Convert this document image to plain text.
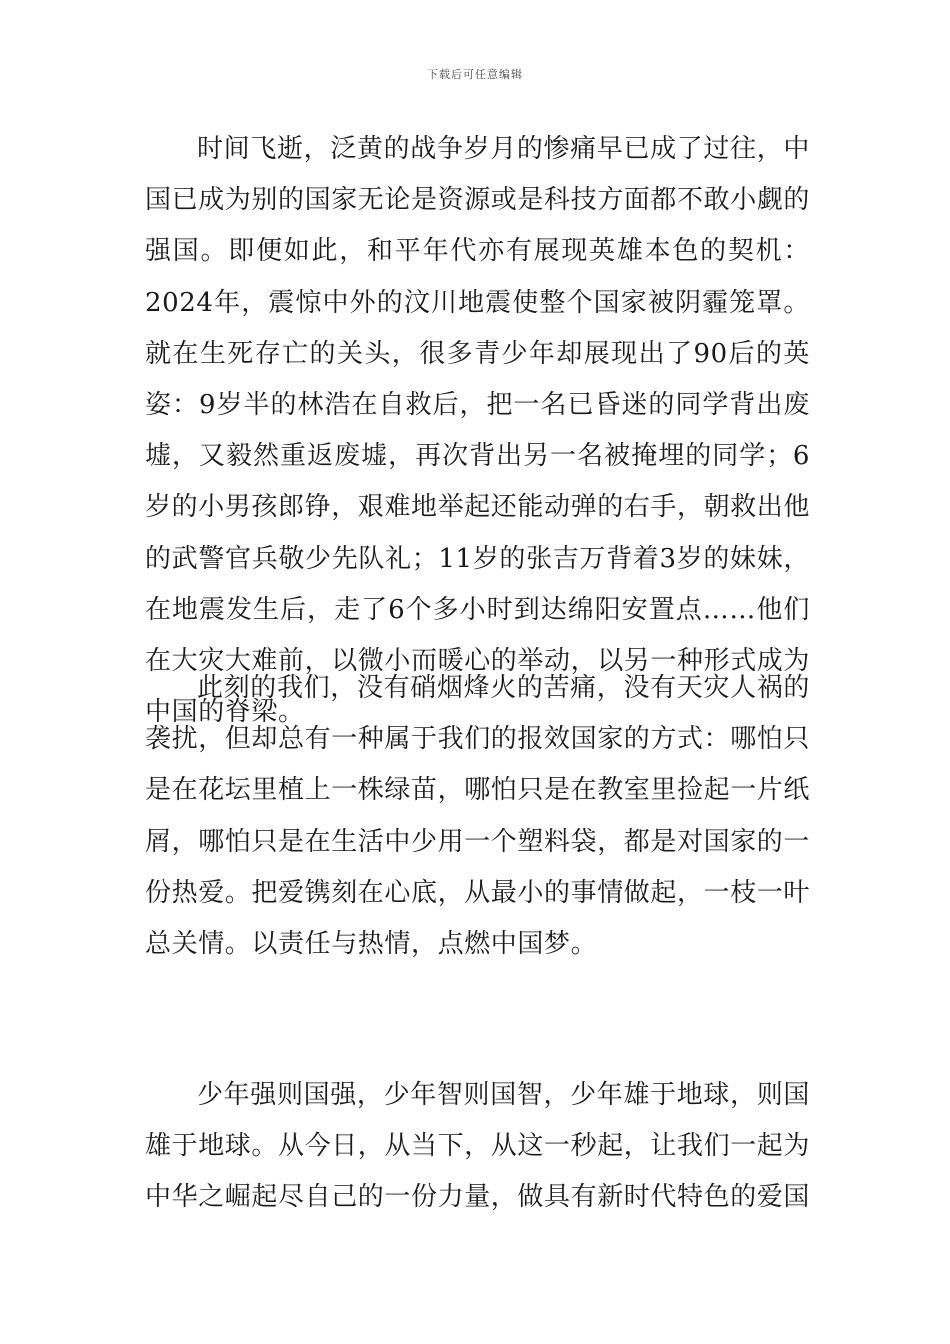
下载后可任意编辑

时间飞逝，泛黄的战争岁月的惨痛早已成了过往，中国已成为别的国家无论是资源或是科技方面都不敢小觑的强国。即便如此，和平年代亦有展现英雄本色的契机：2024年，震惊中外的汶川地震使整个国家被阴霾笼罩。就在生死存亡的关头，很多青少年却展现出了90后的英姿：9岁半的林浩在自救后，把一名已昏迷的同学背出废墟，又毅然重返废墟，再次背出另一名被掩埋的同学；6岁的小男孩郎铮，艰难地举起还能动弹的右手，朝救出他的武警官兵敬少先队礼；11岁的张吉万背着3岁的妹妹，在地震发生后，走了6个多小时到达绵阳安置点……他们在大灾大难前，以微小而暖心的举动，以另一种形式成为中国的脊梁。

此刻的我们，没有硝烟烽火的苦痛，没有天灾人祸的袭扰，但却总有一种属于我们的报效国家的方式：哪怕只是在花坛里植上一株绿苗，哪怕只是在教室里捡起一片纸屑，哪怕只是在生活中少用一个塑料袋，都是对国家的一份热爱。把爱镌刻在心底，从最小的事情做起，一枝一叶总关情。以责任与热情，点燃中国梦。

少年强则国强，少年智则国智，少年雄于地球，则国雄于地球。从今日，从当下，从这一秒起，让我们一起为中华之崛起尽自己的一份力量，做具有新时代特色的爱国
